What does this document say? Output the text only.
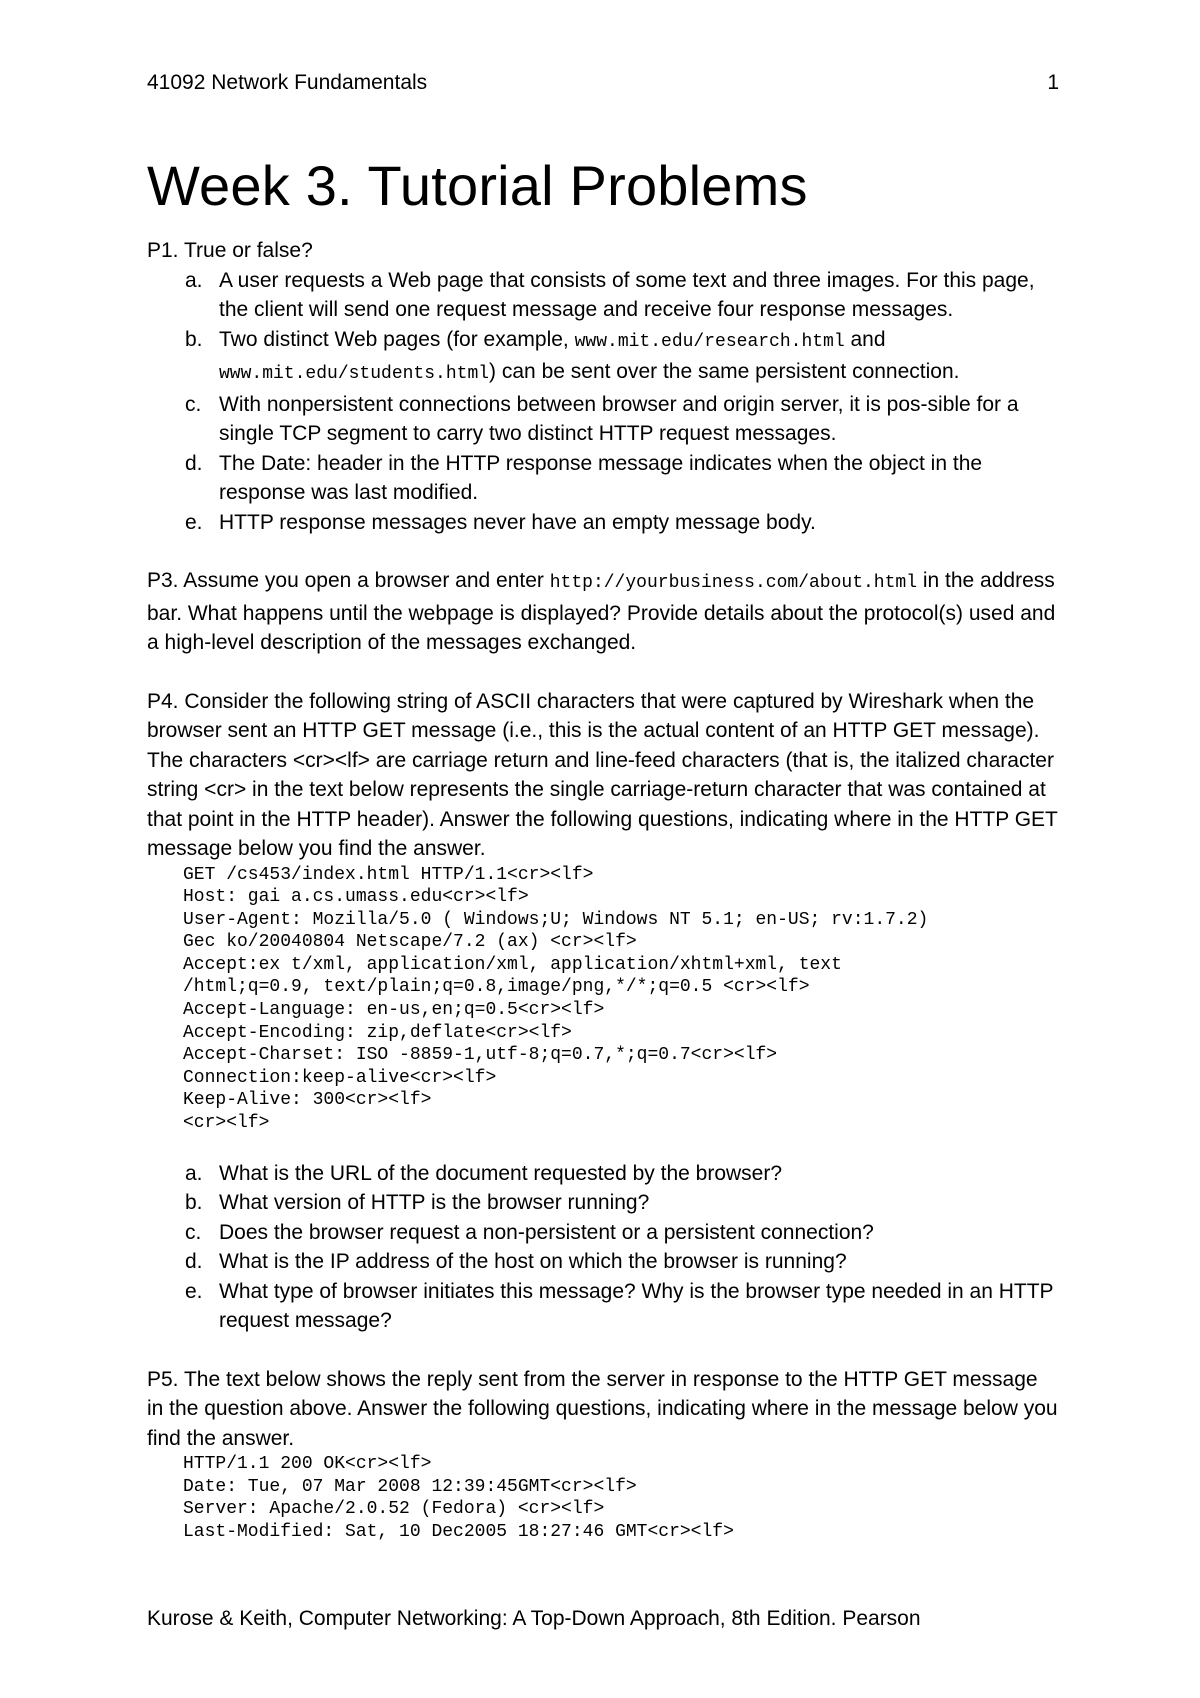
41092 Network Fundamentals	1
Week 3. Tutorial Problems

P1. True or false?

a. A user requests a Web page that consists of some text and three images. For this page, the client will send one request message and receive four response messages.
b. Two distinct Web pages (for example, www.mit.edu/research.html and
www.mit.edu/students.html) can be sent over the same persistent connection.
c. With nonpersistent connections between browser and origin server, it is pos-sible for a single TCP segment to carry two distinct HTTP request messages.
d. The Date: header in the HTTP response message indicates when the object in the response was last modified.
e. HTTP response messages never have an empty message body.

P3. Assume you open a browser and enter http://yourbusiness.com/about.html in the address bar. What happens until the webpage is displayed? Provide details about the protocol(s) used and a high-level description of the messages exchanged.

P4. Consider the following string of ASCII characters that were captured by Wireshark when the browser sent an HTTP GET message (i.e., this is the actual content of an HTTP GET message). The characters <cr><lf> are carriage return and line-feed characters (that is, the italized character string <cr> in the text below represents the single carriage-return character that was contained at that point in the HTTP header). Answer the following questions, indicating where in the HTTP GET message below you find the answer.

GET /cs453/index.html HTTP/1.1<cr><lf>
Host: gai a.cs.umass.edu<cr><lf>
User-Agent: Mozilla/5.0 ( Windows;U; Windows NT 5.1; en-US; rv:1.7.2)
Gec ko/20040804 Netscape/7.2 (ax) <cr><lf>
Accept:ex t/xml, application/xml, application/xhtml+xml, text
/html;q=0.9, text/plain;q=0.8,image/png,*/*;q=0.5 <cr><lf>
Accept-Language: en-us,en;q=0.5<cr><lf>
Accept-Encoding: zip,deflate<cr><lf>
Accept-Charset: ISO -8859-1,utf-8;q=0.7,*;q=0.7<cr><lf>
Connection:keep-alive<cr><lf>
Keep-Alive: 300<cr><lf>
<cr><lf>
a. What is the URL of the document requested by the browser?
b. What version of HTTP is the browser running?
c. Does the browser request a non-persistent or a persistent connection?
d. What is the IP address of the host on which the browser is running?
e. What type of browser initiates this message? Why is the browser type needed in an HTTP request message?

P5. The text below shows the reply sent from the server in response to the HTTP GET message in the question above. Answer the following questions, indicating where in the message below you find the answer.

HTTP/1.1 200 OK<cr><lf>
Date: Tue, 07 Mar 2008 12:39:45GMT<cr><lf>
Server: Apache/2.0.52 (Fedora) <cr><lf>
Last-Modified: Sat, 10 Dec2005 18:27:46 GMT<cr><lf>
Kurose & Keith, Computer Networking: A Top-Down Approach, 8th Edition. Pearson
